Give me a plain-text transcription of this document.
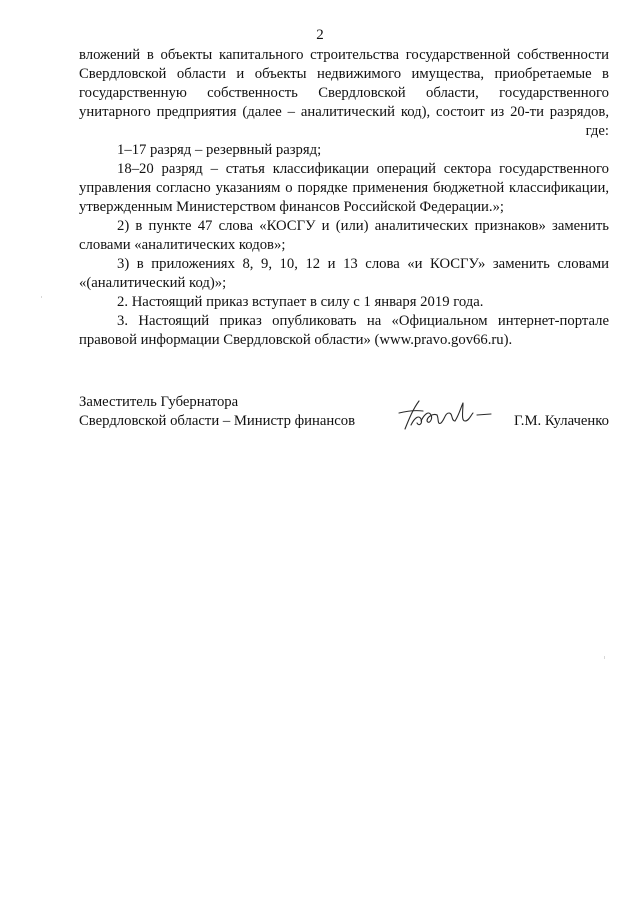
2

вложений в объекты капитального строительства государственной собственности Свердловской области и объекты недвижимого имущества, приобретаемые в государственную собственность Свердловской области, государственного унитарного предприятия (далее – аналитический код), состоит из 20-ти разрядов, где:

1–17 разряд – резервный разряд;

18–20 разряд – статья классификации операций сектора государственного управления согласно указаниям о порядке применения бюджетной классификации, утвержденным Министерством финансов Российской Федерации.»;

2) в пункте 47 слова «КОСГУ и (или) аналитических признаков» заменить словами «аналитических кодов»;

3) в приложениях 8, 9, 10, 12 и 13 слова «и КОСГУ» заменить словами «(аналитический код)»;

2. Настоящий приказ вступает в силу с 1 января 2019 года.

3. Настоящий приказ опубликовать на «Официальном интернет-портале правовой информации Свердловской области» (www.pravo.gov66.ru).

Заместитель Губернатора
Свердловской области – Министр финансов	Г.М. Кулаченко
